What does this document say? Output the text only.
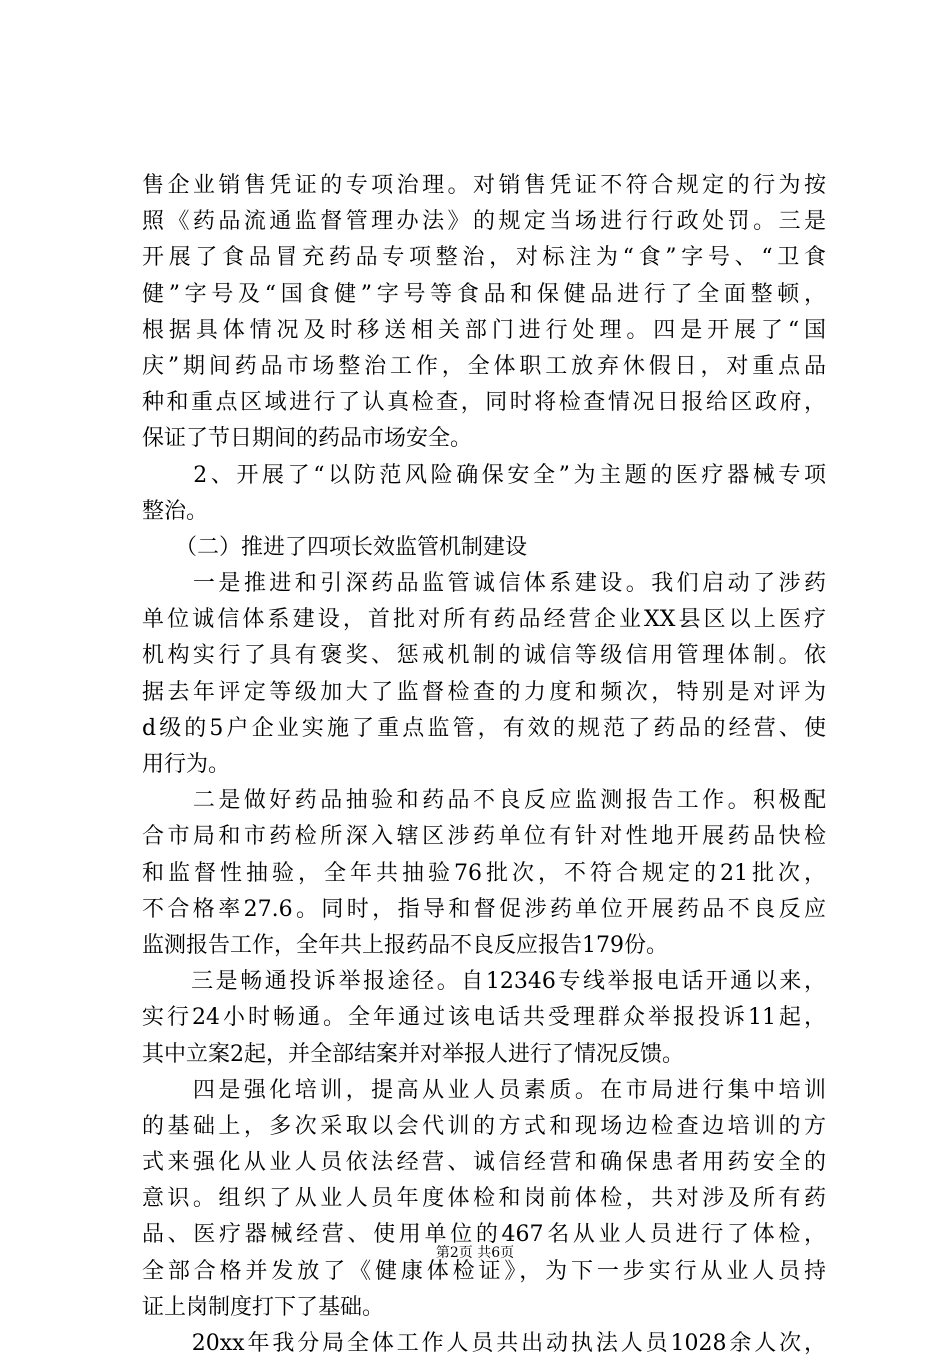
售企业销售凭证的专项治理。对销售凭证不符合规定的行为按
照《药品流通监督管理办法》的规定当场进行行政处罚。三是
开展了食品冒充药品专项整治，对标注为“食”字号、“卫食
健”字号及“国食健”字号等食品和保健品进行了全面整顿，
根据具体情况及时移送相关部门进行处理。四是开展了“国
庆”期间药品市场整治工作，全体职工放弃休假日，对重点品
种和重点区域进行了认真检查，同时将检查情况日报给区政府，
保证了节日期间的药品市场安全。
　　2、开展了“以防范风险确保安全”为主题的医疗器械专项
整治。
　　（二）推进了四项长效监管机制建设
　　一是推进和引深药品监管诚信体系建设。我们启动了涉药
单位诚信体系建设，首批对所有药品经营企业XX县区以上医疗
机构实行了具有褒奖、惩戒机制的诚信等级信用管理体制。依
据去年评定等级加大了监督检查的力度和频次，特别是对评为
d级的5户企业实施了重点监管，有效的规范了药品的经营、使
用行为。
　　二是做好药品抽验和药品不良反应监测报告工作。积极配
合市局和市药检所深入辖区涉药单位有针对性地开展药品快检
和监督性抽验，全年共抽验76批次，不符合规定的21批次，
不合格率27.6。同时，指导和督促涉药单位开展药品不良反应
监测报告工作，全年共上报药品不良反应报告179份。
　　三是畅通投诉举报途径。自12346专线举报电话开通以来，
实行24小时畅通。全年通过该电话共受理群众举报投诉11起，
其中立案2起，并全部结案并对举报人进行了情况反馈。
　　四是强化培训，提高从业人员素质。在市局进行集中培训
的基础上，多次采取以会代训的方式和现场边检查边培训的方
式来强化从业人员依法经营、诚信经营和确保患者用药安全的
意识。组织了从业人员年度体检和岗前体检，共对涉及所有药
品、医疗器械经营、使用单位的467名从业人员进行了体检，
全部合格并发放了《健康体检证》，为下一步实行从业人员持
证上岗制度打下了基础。
　　20xx年我分局全体工作人员共出动执法人员1028余人次，
第2页 共6页
